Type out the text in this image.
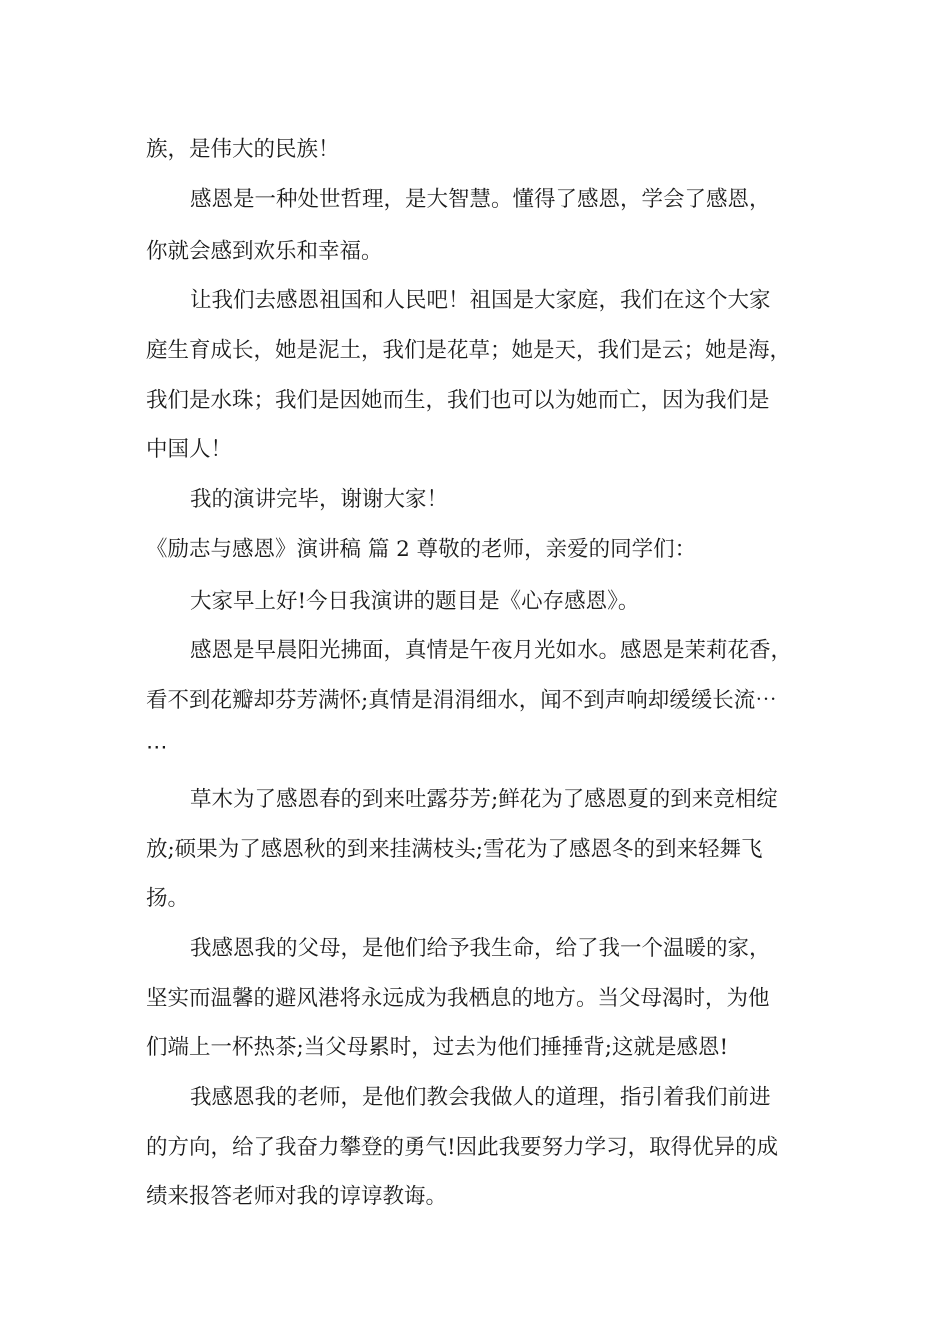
族，是伟大的民族！
感恩是一种处世哲理，是大智慧。懂得了感恩，学会了感恩，
你就会感到欢乐和幸福。
让我们去感恩祖国和人民吧！祖国是大家庭，我们在这个大家
庭生育成长，她是泥土，我们是花草；她是天，我们是云；她是海，
我们是水珠；我们是因她而生，我们也可以为她而亡，因为我们是
中国人！
我的演讲完毕，谢谢大家！
《励志与感恩》演讲稿 篇 2 尊敬的老师，亲爱的同学们：
大家早上好!今日我演讲的题目是《心存感恩》。
感恩是早晨阳光拂面，真情是午夜月光如水。感恩是茉莉花香，
看不到花瓣却芬芳满怀;真情是涓涓细水，闻不到声响却缓缓长流⋯
⋯
草木为了感恩春的到来吐露芬芳;鲜花为了感恩夏的到来竞相绽
放;硕果为了感恩秋的到来挂满枝头;雪花为了感恩冬的到来轻舞飞
扬。
我感恩我的父母，是他们给予我生命，给了我一个温暖的家，
坚实而温馨的避风港将永远成为我栖息的地方。当父母渴时，为他
们端上一杯热茶;当父母累时，过去为他们捶捶背;这就是感恩!
我感恩我的老师，是他们教会我做人的道理，指引着我们前进
的方向，给了我奋力攀登的勇气!因此我要努力学习，取得优异的成
绩来报答老师对我的谆谆教诲。
